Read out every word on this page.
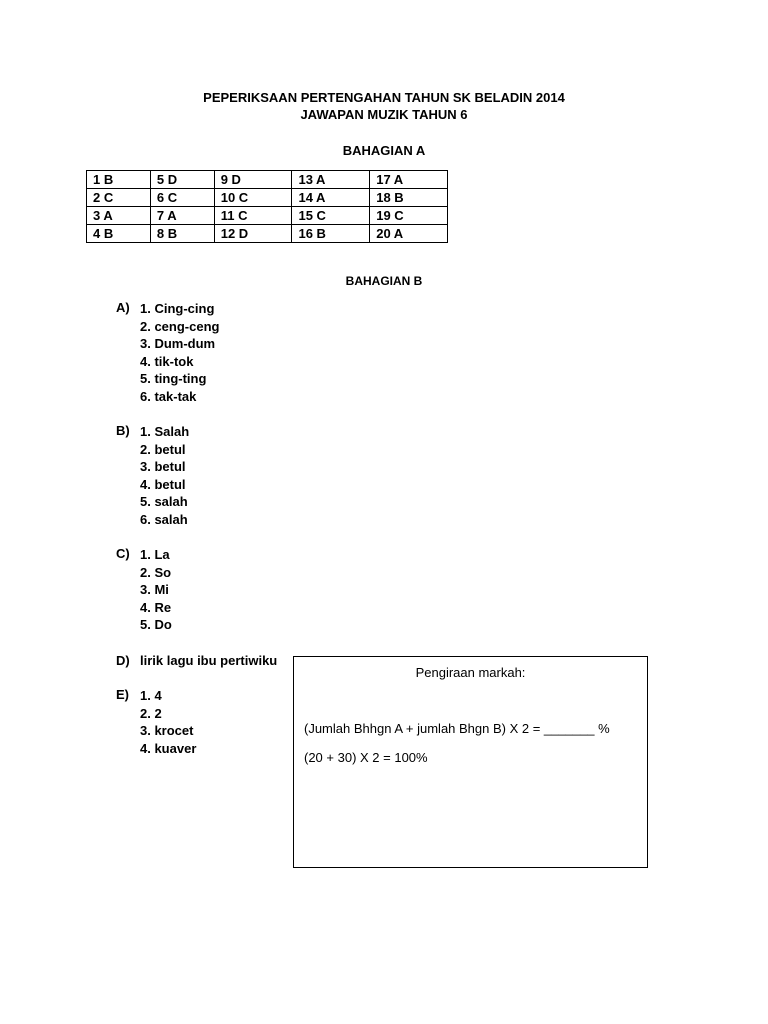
PEPERIKSAAN PERTENGAHAN TAHUN SK BELADIN 2014
JAWAPAN MUZIK TAHUN 6
BAHAGIAN A
1 B	5 D	9 D	13 A	17 A
2 C	6 C	10 C	14 A	18 B
3 A	7 A	11 C	15 C	19 C
4 B	8 B	12 D	16 B	20 A
BAHAGIAN B
A) 1. Cing-cing
2. ceng-ceng
3. Dum-dum
4. tik-tok
5. ting-ting
6. tak-tak
B) 1. Salah
2. betul
3. betul
4. betul
5. salah
6. salah
C) 1. La
2. So
3. Mi
4. Re
5. Do
D) lirik lagu ibu pertiwiku
E) 1. 4
2. 2
3. krocet
4. kuaver
Pengiraan markah:
(Jumlah Bhhgn A + jumlah Bhgn B) X 2 = _______ %
(20 + 30) X 2 = 100%
